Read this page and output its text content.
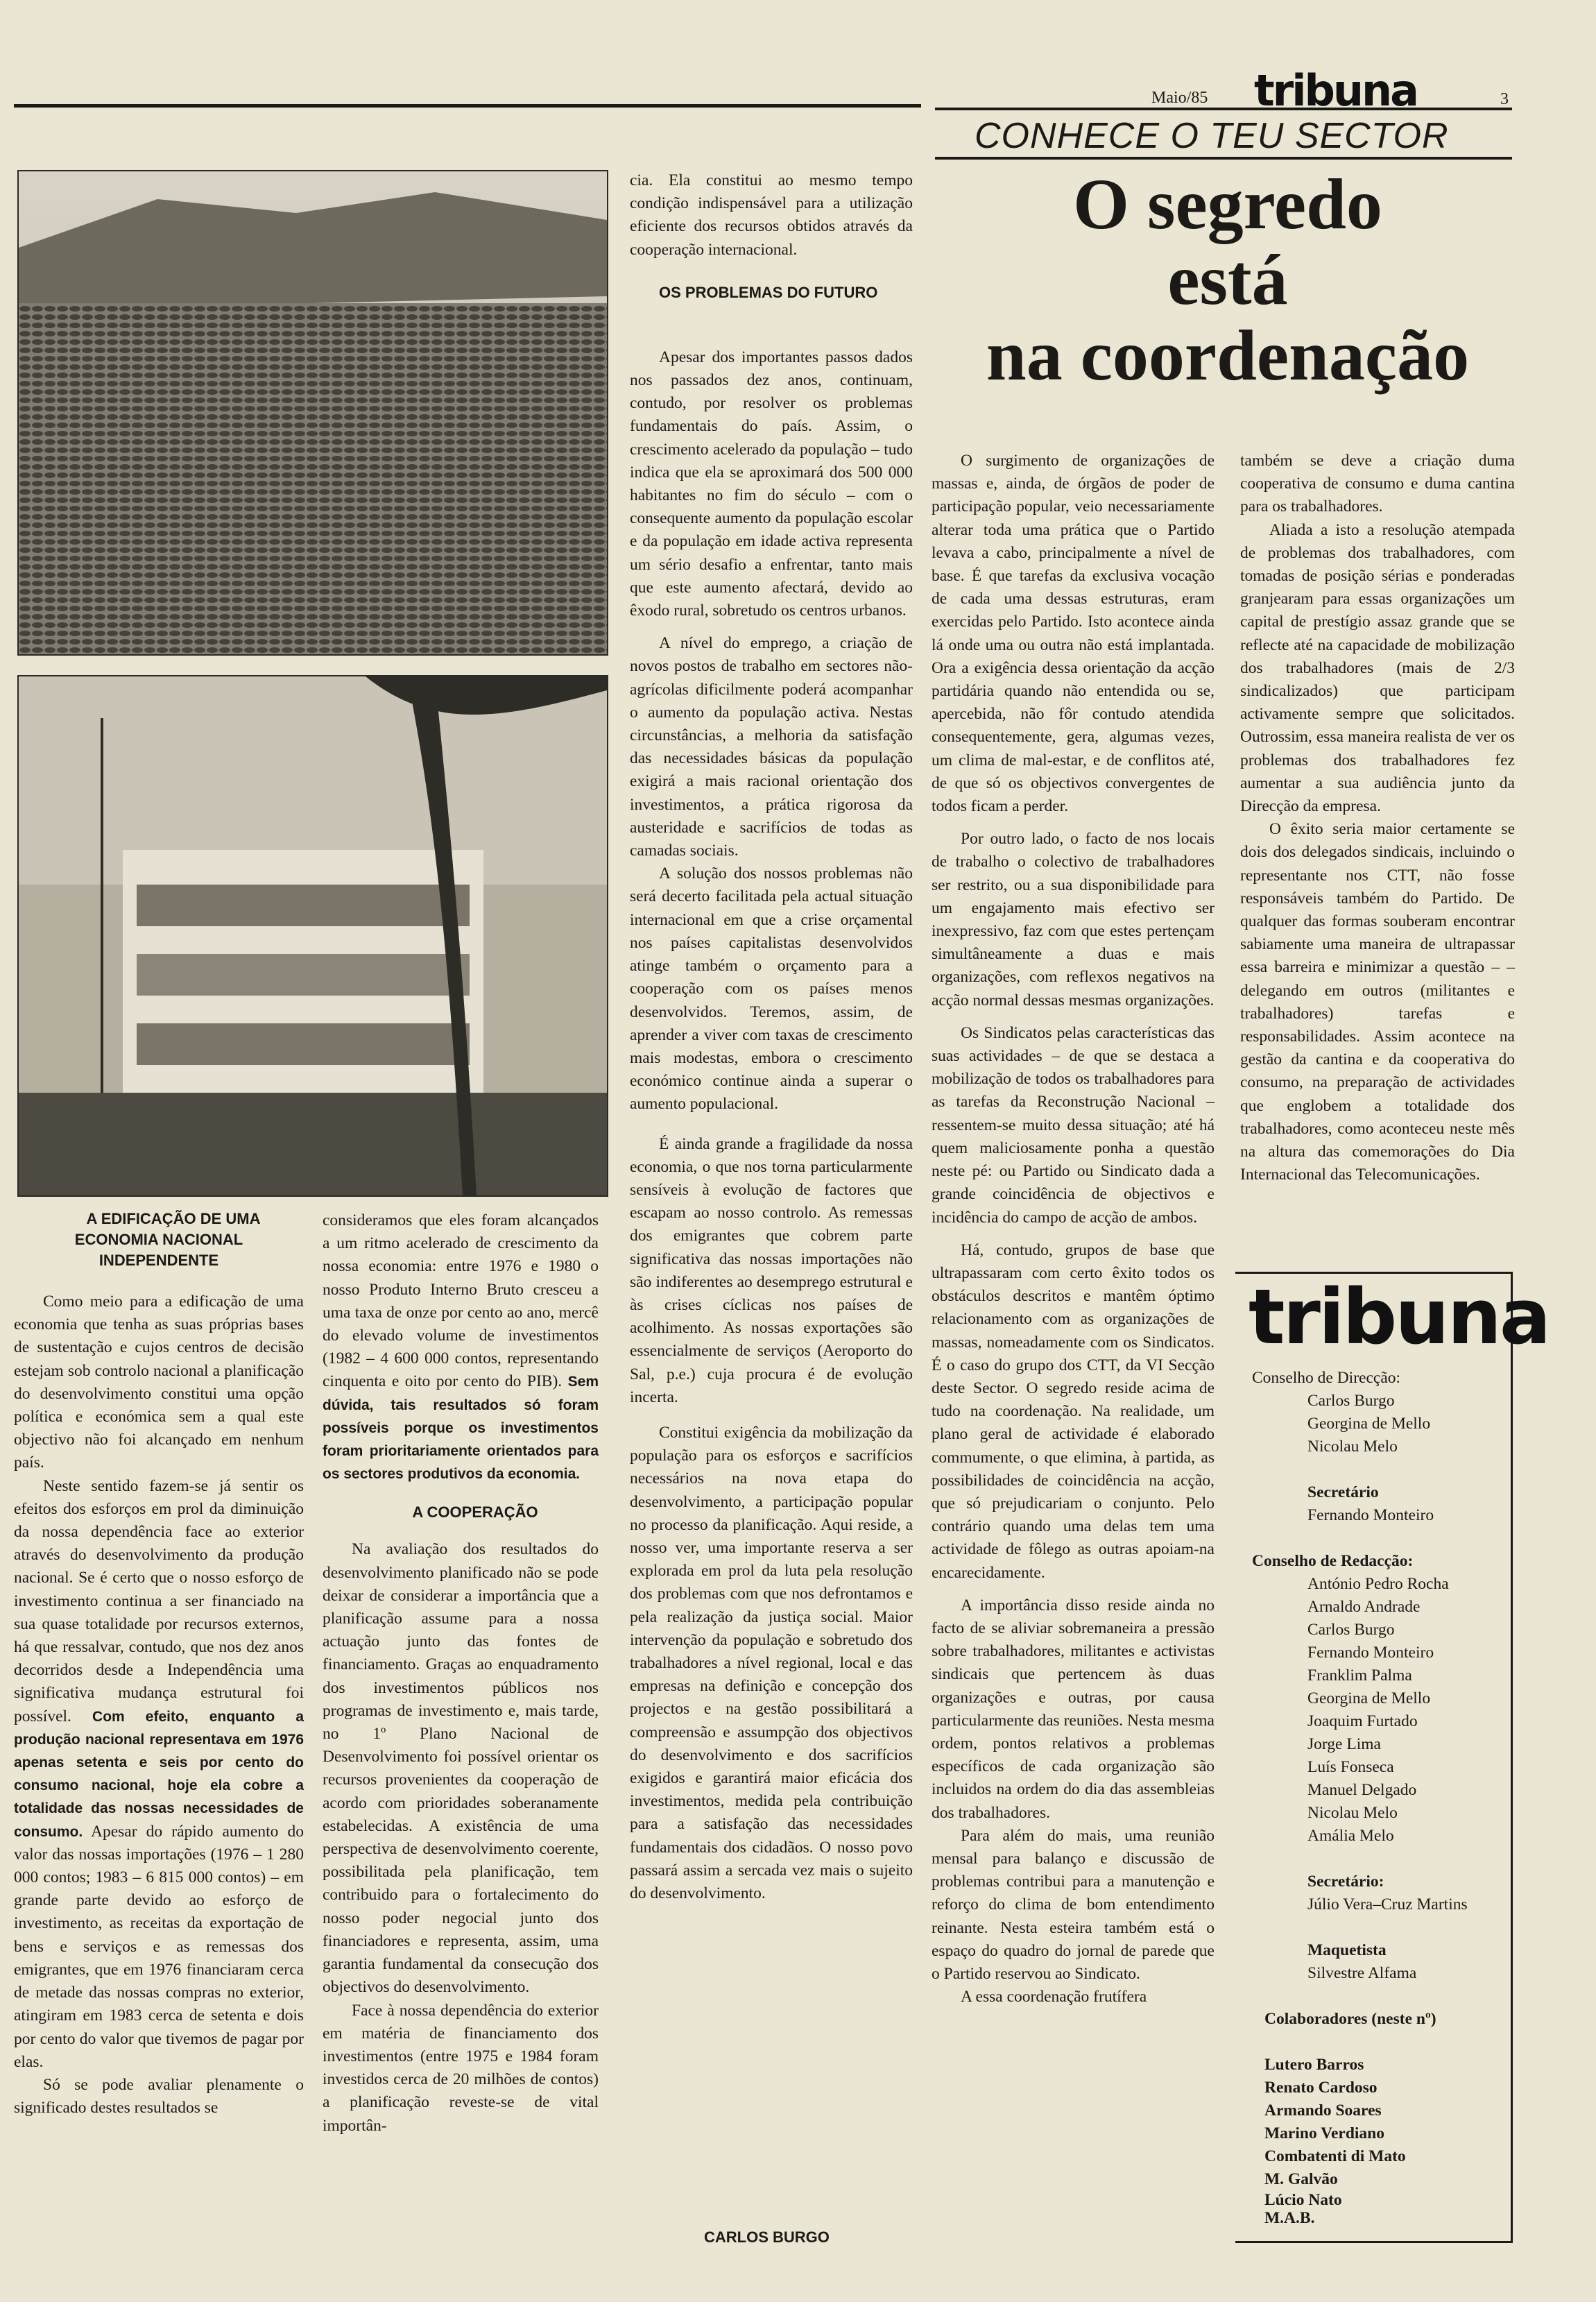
Maio/85 tribuna	3
CONHECE O TEU SECTOR

A EDIFICAÇÃO DE UMA ECONOMIA NACIONAL INDEPENDENTE

Como meio para a edificação de uma economia que tenha as suas próprias bases de sustentação e cujos centros de decisão estejam sob controlo nacional a planificação do desenvolvimento constitui uma opção política e económica sem a qual este objectivo não foi alcançado em nenhum país.

Neste sentido fazem-se já sentir os efeitos dos esforços em prol da diminuição da nossa dependência face ao exterior através do desenvolvimento da produção nacional. Se é certo que o nosso esforço de investimento continua a ser financiado na sua quase totalidade por recursos externos, há que ressalvar, contudo, que nos dez anos decorridos desde a Independência uma significativa mudança estrutural foi possível. Com efeito, enquanto a produção nacional representava em 1976 apenas setenta e seis por cento do consumo nacional, hoje ela cobre a totalidade das nossas necessidades de consumo. Apesar do rápido aumento do valor das nossas importações (1976 – 1 280 000 contos; 1983 – 6 815 000 contos) – em grande parte devido ao esforço de investimento, as receitas da exportação de bens e serviços e as remessas dos emigrantes, que em 1976 financiaram cerca de metade das nossas compras no exterior, atingiram em 1983 cerca de setenta e dois por cento do valor que tivemos de pagar por elas.

Só se pode avaliar plenamente o significado destes resultados se

consideramos que eles foram alcançados a um ritmo acelerado de crescimento da nossa economia: entre 1976 e 1980 o nosso Produto Interno Bruto cresceu a uma taxa de onze por cento ao ano, mercê do elevado volume de investimentos (1982 – 4 600 000 contos, representando cinquenta e oito por cento do PIB). Sem dúvida, tais resultados só foram possíveis porque os investimentos foram prioritariamente orientados para os sectores produtivos da economia.

A COOPERAÇÃO

Na avaliação dos resultados do desenvolvimento planificado não se pode deixar de considerar a importância que a planificação assume para a nossa actuação junto das fontes de financiamento. Graças ao enquadramento dos investimentos públicos nos programas de investimento e, mais tarde, no 1º Plano Nacional de Desenvolvimento foi possível orientar os recursos provenientes da cooperação de acordo com prioridades soberanamente estabelecidas. A existência de uma perspectiva de desenvolvimento coerente, possibilitada pela planificação, tem contribuido para o fortalecimento do nosso poder negocial junto dos financiadores e representa, assim, uma garantia fundamental da consecução dos objectivos do desenvolvimento.

Face à nossa dependência do exterior em matéria de financiamento dos investimentos (entre 1975 e 1984 foram investidos cerca de 20 milhões de contos) a planificação reveste-se de vital importân-

cia. Ela constitui ao mesmo tempo condição indispensável para a utilização eficiente dos recursos obtidos através da cooperação internacional.

OS PROBLEMAS DO FUTURO

Apesar dos importantes passos dados nos passados dez anos, continuam, contudo, por resolver os problemas fundamentais do país. Assim, o crescimento acelerado da população – tudo indica que ela se aproximará dos 500 000 habitantes no fim do século – com o consequente aumento da população escolar e da população em idade activa representa um sério desafio a enfrentar, tanto mais que este aumento afectará, devido ao êxodo rural, sobretudo os centros urbanos.

A nível do emprego, a criação de novos postos de trabalho em sectores não-agrícolas dificilmente poderá acompanhar o aumento da população activa. Nestas circunstâncias, a melhoria da satisfação das necessidades básicas da população exigirá a mais racional orientação dos investimentos, a prática rigorosa da austeridade e sacrifícios de todas as camadas sociais.

A solução dos nossos problemas não será decerto facilitada pela actual situação internacional em que a crise orçamental nos países capitalistas desenvolvidos atinge também o orçamento para a cooperação com os países menos desenvolvidos. Teremos, assim, de aprender a viver com taxas de crescimento mais modestas, embora o crescimento económico continue ainda a superar o aumento populacional.

É ainda grande a fragilidade da nossa economia, o que nos torna particularmente sensíveis à evolução de factores que escapam ao nosso controlo. As remessas dos emigrantes que cobrem parte significativa das nossas importações não são indiferentes ao desemprego estrutural e às crises cíclicas nos países de acolhimento. As nossas exportações são essencialmente de serviços (Aeroporto do Sal, p.e.) cuja procura é de evolução incerta.

Constitui exigência da mobilização da população para os esforços e sacrifícios necessários na nova etapa do desenvolvimento, a participação popular no processo da planificação. Aqui reside, a nosso ver, uma importante reserva a ser explorada em prol da luta pela resolução dos problemas com que nos defrontamos e pela realização da justiça social. Maior intervenção da população e sobretudo dos trabalhadores a nível regional, local e das empresas na definição e concepção dos projectos e na gestão possibilitará a compreensão e assumpção dos objectivos do desenvolvimento e dos sacrifícios exigidos e garantirá maior eficácia dos investimentos, medida pela contribuição para a satisfação das necessidades fundamentais dos cidadãos. O nosso povo passará assim a sercada vez mais o sujeito do desenvolvimento.

CARLOS BURGO
O segredo
está
na coordenação

O surgimento de organizações de massas e, ainda, de órgãos de poder de participação popular, veio necessariamente alterar toda uma prática que o Partido levava a cabo, principalmente a nível de base. É que tarefas da exclusiva vocação de cada uma dessas estruturas, eram exercidas pelo Partido. Isto acontece ainda lá onde uma ou outra não está implantada. Ora a exigência dessa orientação da acção partidária quando não entendida ou se, apercebida, não fôr contudo atendida consequentemente, gera, algumas vezes, um clima de mal-estar, e de conflitos até, de que só os objectivos convergentes de todos ficam a perder.

Por outro lado, o facto de nos locais de trabalho o colectivo de trabalhadores ser restrito, ou a sua disponibilidade para um engajamento mais efectivo ser inexpressivo, faz com que estes pertençam simultâneamente a duas e mais organizações, com reflexos negativos na acção normal dessas mesmas organizações.

Os Sindicatos pelas características das suas actividades – de que se destaca a mobilização de todos os trabalhadores para as tarefas da Reconstrução Nacional – ressentem-se muito dessa situação; até há quem maliciosamente ponha a questão neste pé: ou Partido ou Sindicato dada a grande coincidência de objectivos e incidência do campo de acção de ambos.

Há, contudo, grupos de base que ultrapassaram com certo êxito todos os obstáculos descritos e mantêm óptimo relacionamento com as organizações de massas, nomeadamente com os Sindicatos. É o caso do grupo dos CTT, da VI Secção deste Sector. O segredo reside acima de tudo na coordenação. Na realidade, um plano geral de actividade é elaborado commumente, o que elimina, à partida, as possibilidades de coincidência na acção, que só prejudicariam o conjunto. Pelo contrário quando uma delas tem uma actividade de fôlego as outras apoiam-na encarecidamente.

A importância disso reside ainda no facto de se aliviar sobremaneira a pressão sobre trabalhadores, militantes e activistas sindicais que pertencem às duas organizações e outras, por causa particularmente das reuniões. Nesta mesma ordem, pontos relativos a problemas específicos de cada organização são incluidos na ordem do dia das assembleias dos trabalhadores.

Para além do mais, uma reunião mensal para balanço e discussão de problemas contribui para a manutenção e reforço do clima de bom entendimento reinante. Nesta esteira também está o espaço do quadro do jornal de parede que o Partido reservou ao Sindicato.

A essa coordenação frutífera

também se deve a criação duma cooperativa de consumo e duma cantina para os trabalhadores.

Aliada a isto a resolução atempada de problemas dos trabalhadores, com tomadas de posição sérias e ponderadas granjearam para essas organizações um capital de prestígio assaz grande que se reflecte até na capacidade de mobilização dos trabalhadores (mais de 2/3 sindicalizados) que participam activamente sempre que solicitados. Outrossim, essa maneira realista de ver os problemas dos trabalhadores fez aumentar a sua audiência junto da Direcção da empresa.

O êxito seria maior certamente se dois dos delegados sindicais, incluindo o representante nos CTT, não fosse responsáveis também do Partido. De qualquer das formas souberam encontrar sabiamente uma maneira de ultrapassar essa barreira e minimizar a questão – – delegando em outros (militantes e trabalhadores) tarefas e responsabilidades. Assim acontece na gestão da cantina e da cooperativa do consumo, na preparação de actividades que englobem a totalidade dos trabalhadores, como aconteceu neste mês na altura das comemorações do Dia Internacional das Telecomunicações.

tribuna
Conselho de Direcção:
Carlos Burgo
Georgina de Mello
Nicolau Melo
Secretário
Fernando Monteiro
Conselho de Redacção:
António Pedro Rocha
Arnaldo Andrade
Carlos Burgo
Fernando Monteiro
Franklim Palma
Georgina de Mello
Joaquim Furtado
Jorge Lima
Luís Fonseca
Manuel Delgado
Nicolau Melo
Amália Melo
Secretário:
Júlio Vera–Cruz Martins
Maquetista
Silvestre Alfama
Colaboradores (neste nº)
Lutero Barros
Renato Cardoso
Armando Soares
Marino Verdiano
Combatenti di Mato
M. Galvão
Lúcio Nato
M.A.B.
